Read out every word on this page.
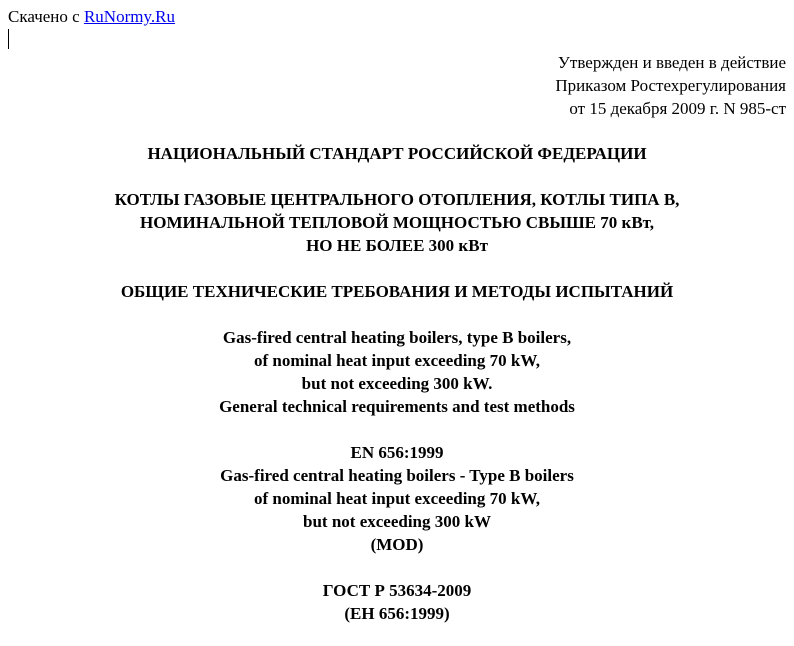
Скачено с RuNormy.Ru
Утвержден и введен в действие
Приказом Ростехрегулирования
от 15 декабря 2009 г. N 985-ст
НАЦИОНАЛЬНЫЙ СТАНДАРТ РОССИЙСКОЙ ФЕДЕРАЦИИ
КОТЛЫ ГАЗОВЫЕ ЦЕНТРАЛЬНОГО ОТОПЛЕНИЯ, КОТЛЫ ТИПА В,
НОМИНАЛЬНОЙ ТЕПЛОВОЙ МОЩНОСТЬЮ СВЫШЕ 70 кВт,
НО НЕ БОЛЕЕ 300 кВт
ОБЩИЕ ТЕХНИЧЕСКИЕ ТРЕБОВАНИЯ И МЕТОДЫ ИСПЫТАНИЙ
Gas-fired central heating boilers, type B boilers,
of nominal heat input exceeding 70 kW,
but not exceeding 300 kW.
General technical requirements and test methods
EN 656:1999
Gas-fired central heating boilers - Type B boilers
of nominal heat input exceeding 70 kW,
but not exceeding 300 kW
(MOD)
ГОСТ Р 53634-2009
(ЕН 656:1999)
